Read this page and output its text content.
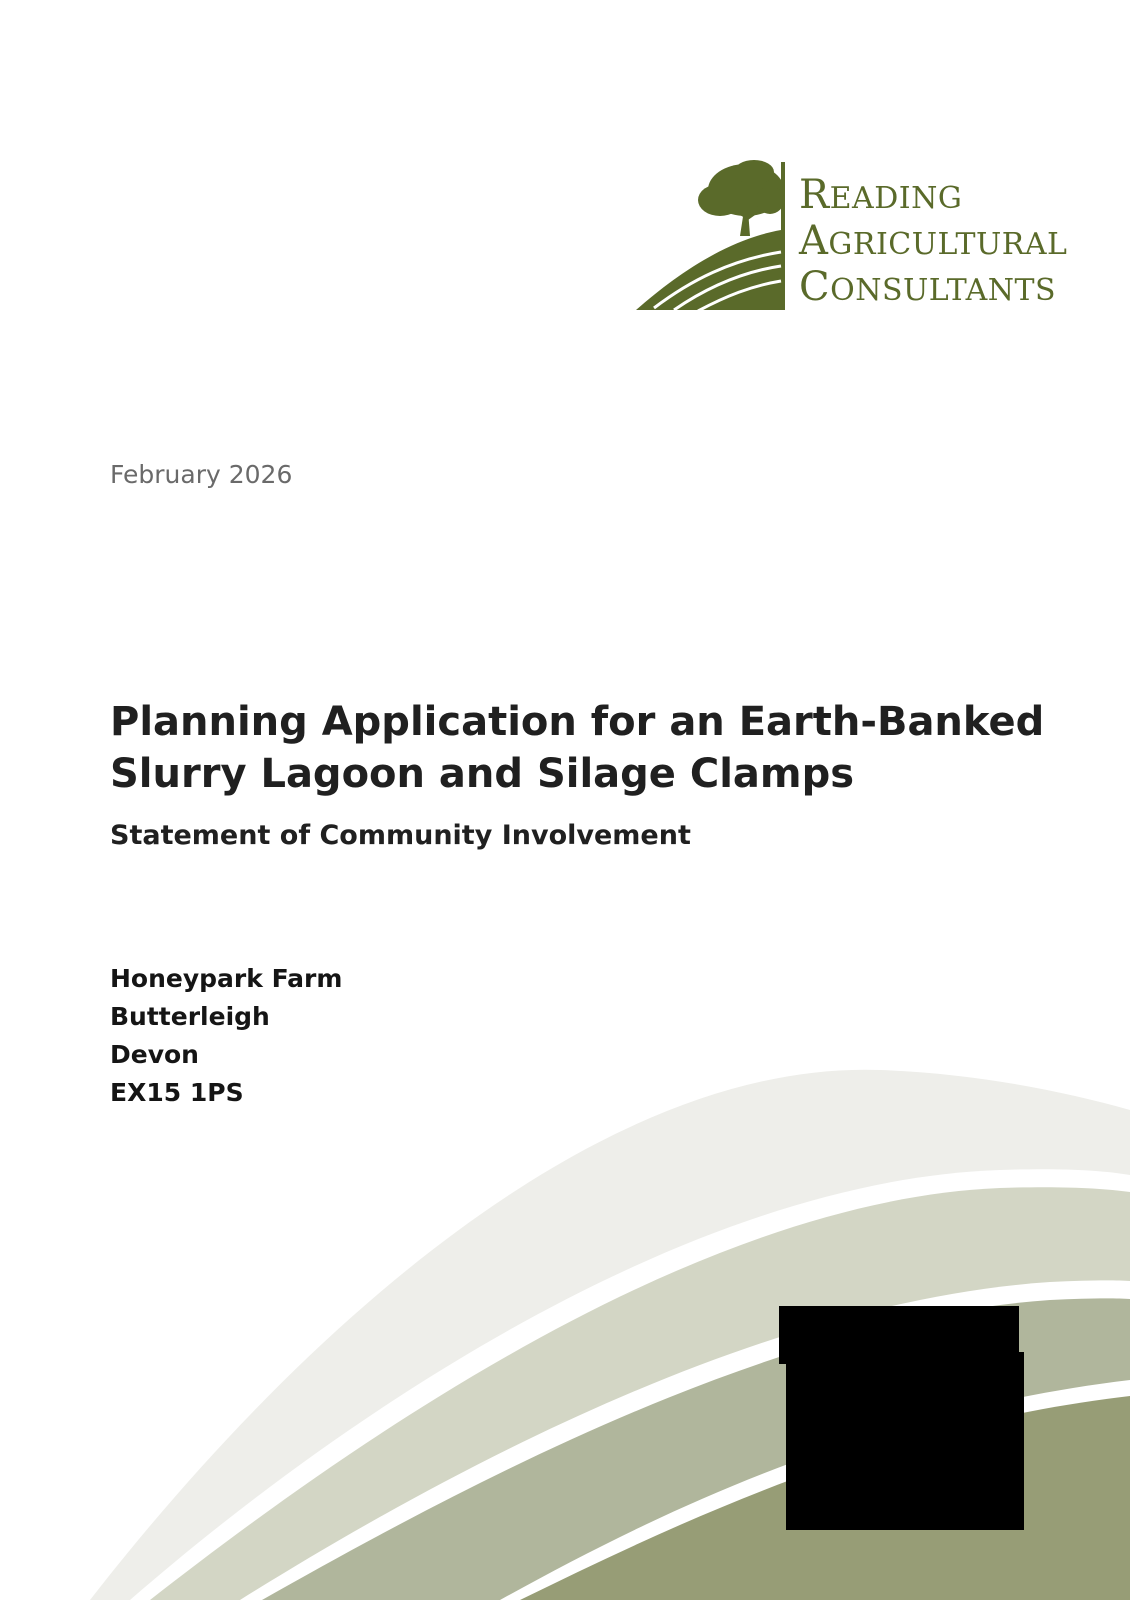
READING
AGRICULTURAL
CONSULTANTS
February 2026
Planning Application for an Earth-Banked
Slurry Lagoon and Silage Clamps
Statement of Community Involvement
Honeypark Farm
Butterleigh
Devon
EX15 1PS
